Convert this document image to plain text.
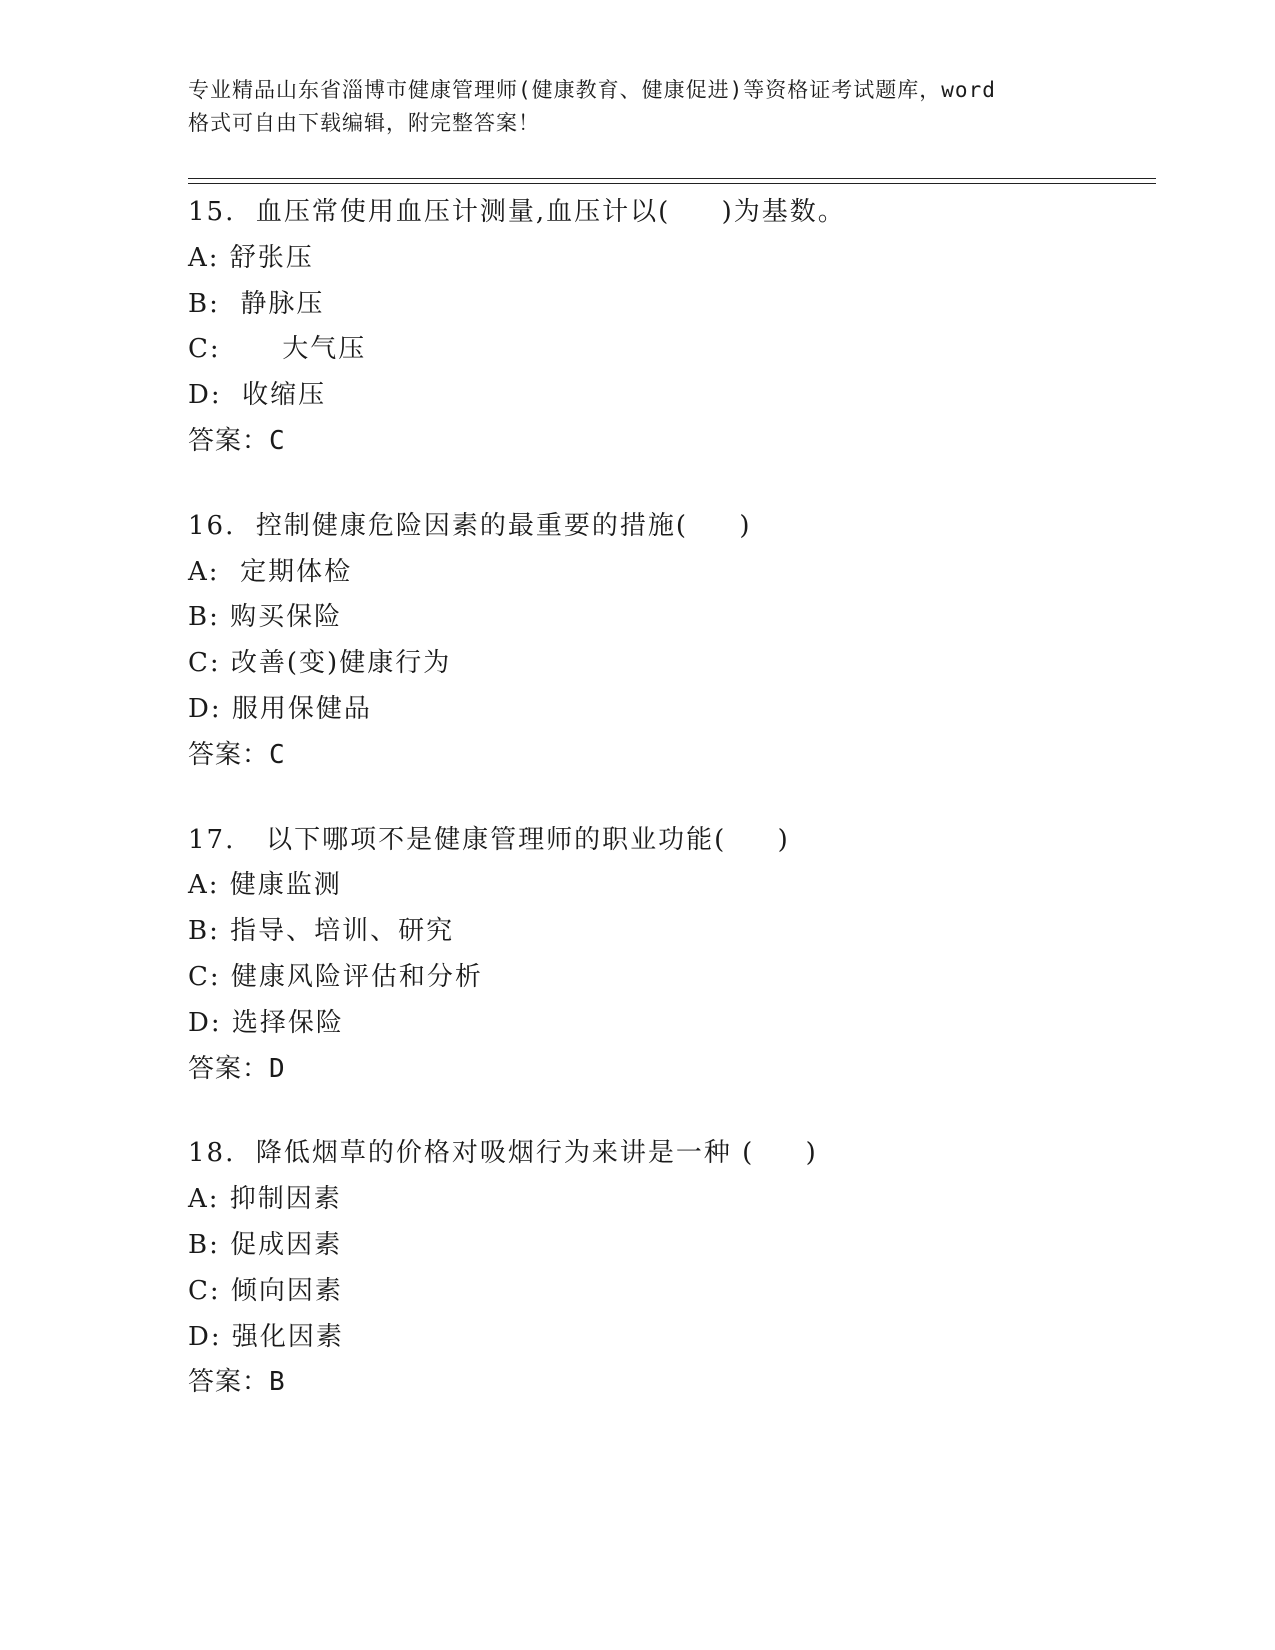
专业精品山东省淄博市健康管理师(健康教育、健康促进)等资格证考试题库，word
格式可自由下载编辑，附完整答案！
15.  血压常使用血压计测量,血压计以(     )为基数。
A: 舒张压
B:  静脉压
C:      大气压
D:  收缩压
答案：C
16.  控制健康危险因素的最重要的措施(     )
A:  定期体检
B: 购买保险
C: 改善(变)健康行为
D: 服用保健品
答案：C
17.   以下哪项不是健康管理师的职业功能(     )
A: 健康监测
B: 指导、培训、研究
C: 健康风险评估和分析
D: 选择保险
答案：D
18.  降低烟草的价格对吸烟行为来讲是一种 (     )
A: 抑制因素
B: 促成因素
C: 倾向因素
D: 强化因素
答案：B
